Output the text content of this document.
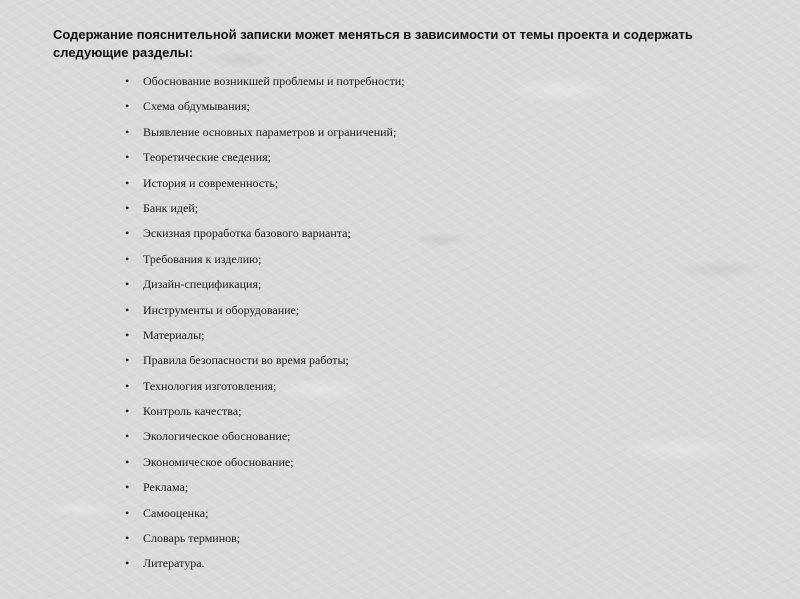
Содержание пояснительной записки может меняться в зависимости от темы проекта и содержать следующие разделы:

• Обоснование возникшей проблемы и потребности;
• Схема обдумывания;
• Выявление основных параметров и ограничений;
• Теоретические сведения;
• История и современность;
• Банк идей;
• Эскизная проработка базового варианта;
• Требования к изделию;
• Дизайн-спецификация;
• Инструменты и оборудование;
• Материалы;
• Правила безопасности во время работы;
• Технология изготовления;
• Контроль качества;
• Экологическое обоснование;
• Экономическое обоснование;
• Реклама;
• Самооценка;
• Словарь терминов;
• Литература.
